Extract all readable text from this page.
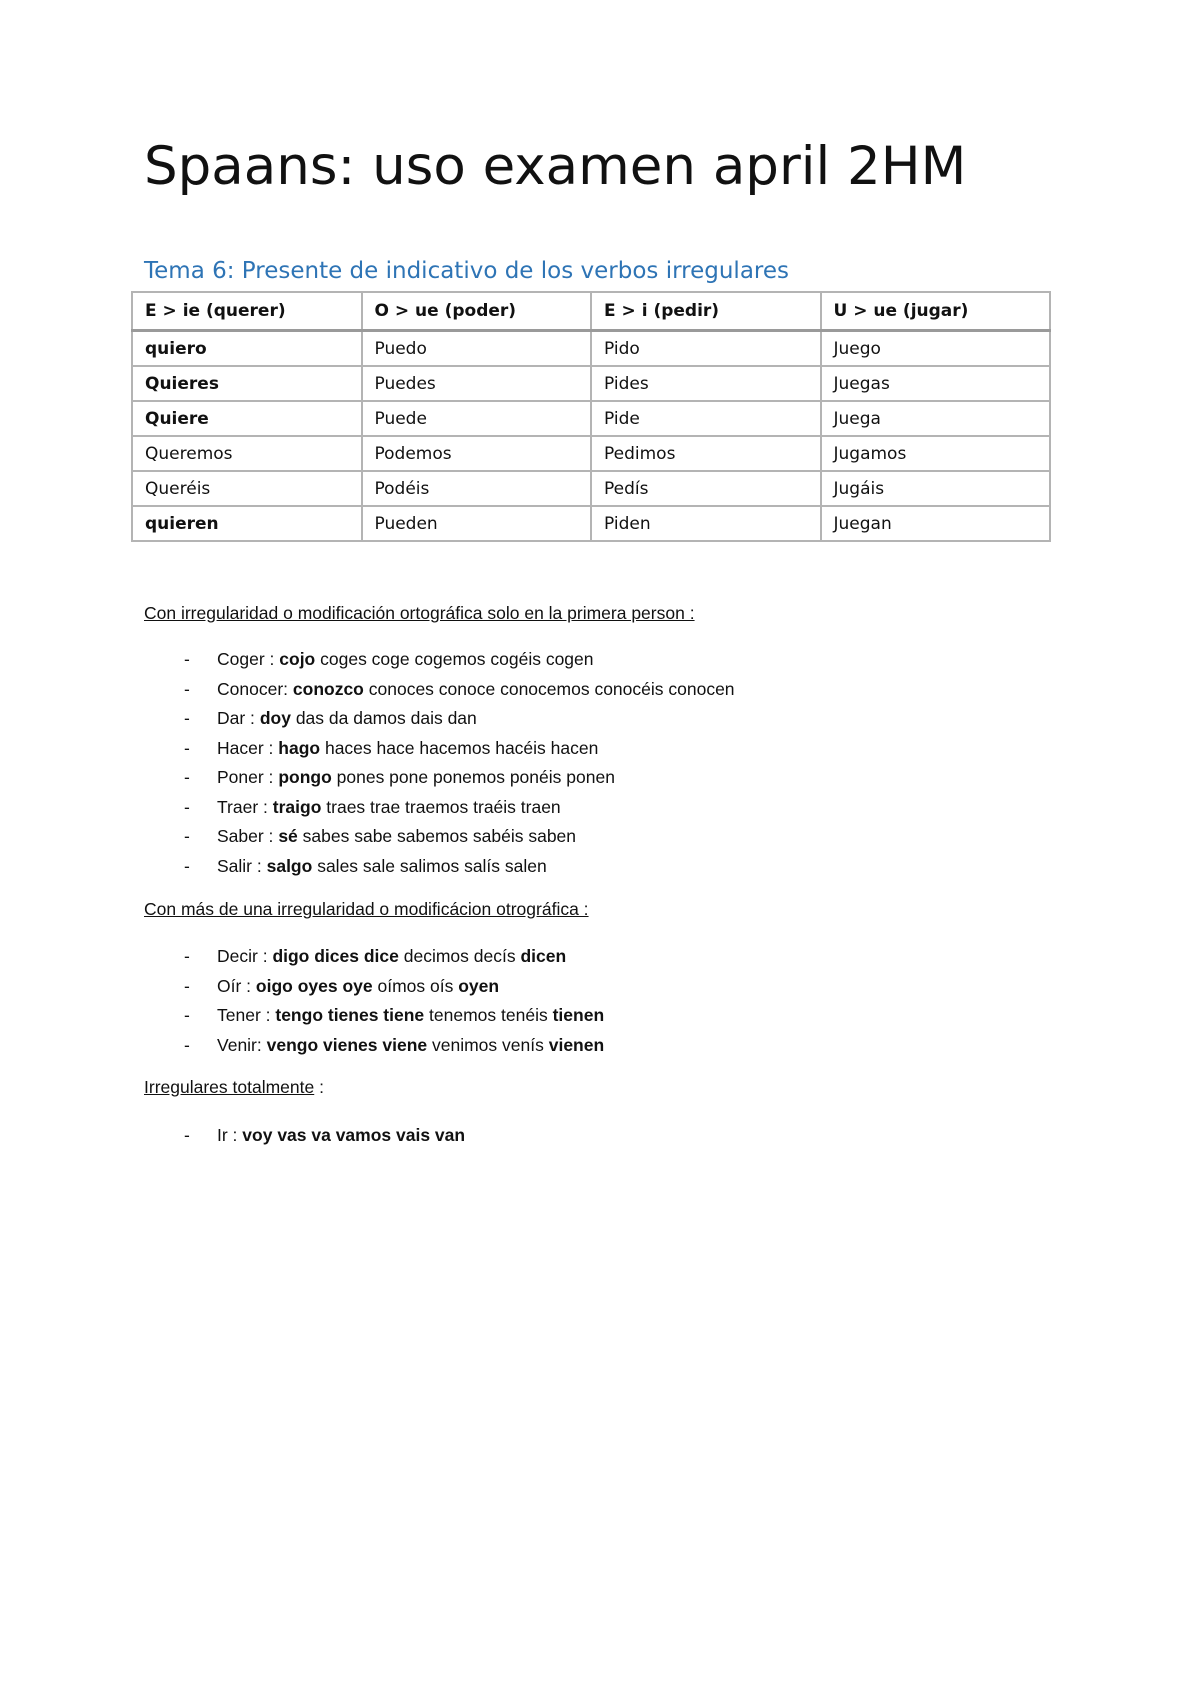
Spaans: uso examen april 2HM
Tema 6: Presente de indicativo de los verbos irregulares
E > ie (querer)	O > ue (poder)	E > i (pedir)	U > ue (jugar)
quiero	Puedo	Pido	Juego
Quieres	Puedes	Pides	Juegas
Quiere	Puede	Pide	Juega
Queremos	Podemos	Pedimos	Jugamos
Queréis	Podéis	Pedís	Jugáis
quieren	Pueden	Piden	Juegan

Con irregularidad o modificación ortográfica solo en la primera person :

- Coger : cojo coges coge cogemos cogéis cogen
- Conocer: conozco conoces conoce conocemos conocéis conocen
- Dar : doy das da damos dais dan
- Hacer : hago haces hace hacemos hacéis hacen
- Poner : pongo pones pone ponemos ponéis ponen
- Traer : traigo traes trae traemos traéis traen
- Saber : sé sabes sabe sabemos sabéis saben
- Salir : salgo sales sale salimos salís salen

Con más de una irregularidad o modificácion otrográfica :

- Decir : digo dices dice decimos decís dicen
- Oír : oigo oyes oye oímos oís oyen
- Tener : tengo tienes tiene tenemos tenéis tienen
- Venir: vengo vienes viene venimos venís vienen

Irregulares totalmente :

- Ir : voy vas va vamos vais van
